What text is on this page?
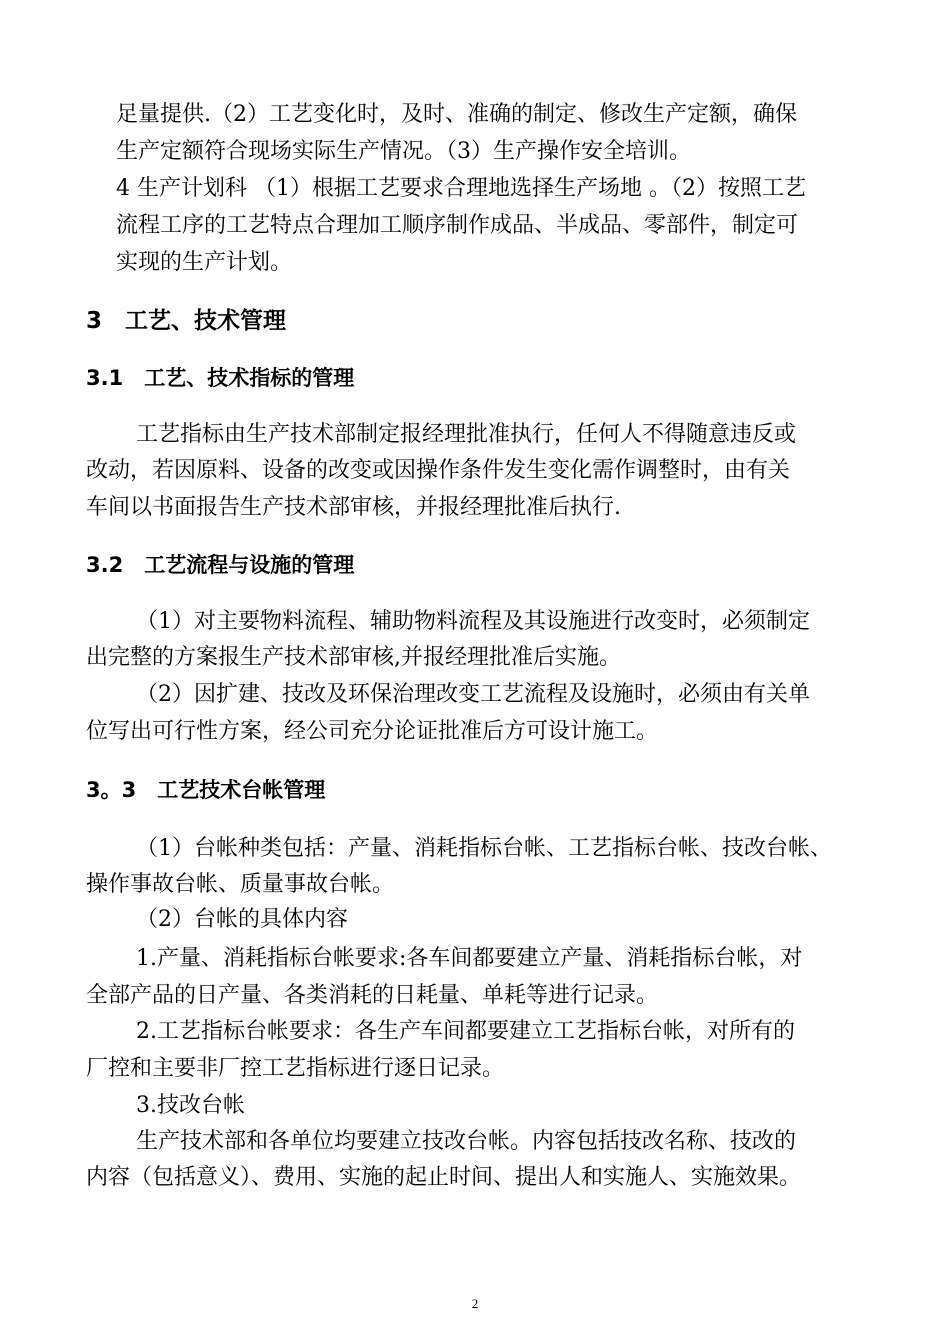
足量提供.（2）工艺变化时，及时、准确的制定、修改生产定额，确保
生产定额符合现场实际生产情况。（3）生产操作安全培训。
4 生产计划科 （1）根据工艺要求合理地选择生产场地 。（2）按照工艺
流程工序的工艺特点合理加工顺序制作成品、半成品、零部件，制定可
实现的生产计划。
3　工艺、技术管理
3.1　工艺、技术指标的管理
工艺指标由生产技术部制定报经理批准执行，任何人不得随意违反或
改动，若因原料、设备的改变或因操作条件发生变化需作调整时，由有关
车间以书面报告生产技术部审核，并报经理批准后执行.
3.2　工艺流程与设施的管理
（1）对主要物料流程、辅助物料流程及其设施进行改变时，必须制定
出完整的方案报生产技术部审核,并报经理批准后实施。
（2）因扩建、技改及环保治理改变工艺流程及设施时，必须由有关单
位写出可行性方案，经公司充分论证批准后方可设计施工。
3。3　工艺技术台帐管理
（1）台帐种类包括：产量、消耗指标台帐、工艺指标台帐、技改台帐、
操作事故台帐、质量事故台帐。
（2）台帐的具体内容
1.产量、消耗指标台帐要求:各车间都要建立产量、消耗指标台帐，对
全部产品的日产量、各类消耗的日耗量、单耗等进行记录。
2.工艺指标台帐要求：各生产车间都要建立工艺指标台帐，对所有的
厂控和主要非厂控工艺指标进行逐日记录。
3.技改台帐
生产技术部和各单位均要建立技改台帐。内容包括技改名称、技改的
内容（包括意义）、费用、实施的起止时间、提出人和实施人、实施效果。
2
